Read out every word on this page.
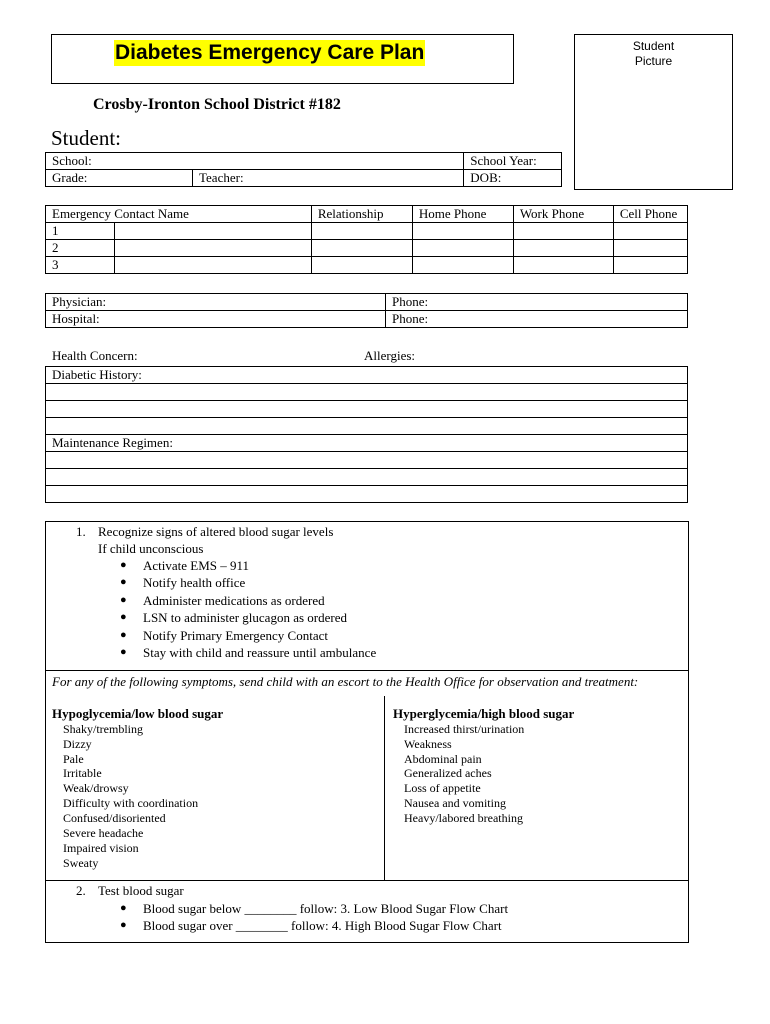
Diabetes Emergency Care Plan	Student
Picture
Crosby-Ironton School District #182
Student:
School:		School Year:
Grade:	Teacher:	DOB:
Emergency Contact Name		Relationship	Home Phone	Work Phone	Cell Phone
1					
2					
3					
Physician:	Phone:
Hospital:	Phone:
Health Concern:	Allergies:
Diabetic History:

Maintenance Regimen:

1. Recognize signs of altered blood sugar levels
If child unconscious
● Activate EMS – 911
● Notify health office
● Administer medications as ordered
● LSN to administer glucagon as ordered
● Notify Primary Emergency Contact
● Stay with child and reassure until ambulance
For any of the following symptoms, send child with an escort to the Health Office for observation and treatment:
Hypoglycemia/low blood sugar
Shaky/trembling
Dizzy
Pale
Irritable
Weak/drowsy
Difficulty with coordination
Confused/disoriented
Severe headache
Impaired vision
Sweaty
Hyperglycemia/high blood sugar
Increased thirst/urination
Weakness
Abdominal pain
Generalized aches
Loss of appetite
Nausea and vomiting
Heavy/labored breathing
2. Test blood sugar
● Blood sugar below ________ follow: 3. Low Blood Sugar Flow Chart
● Blood sugar over ________ follow: 4. High Blood Sugar Flow Chart
